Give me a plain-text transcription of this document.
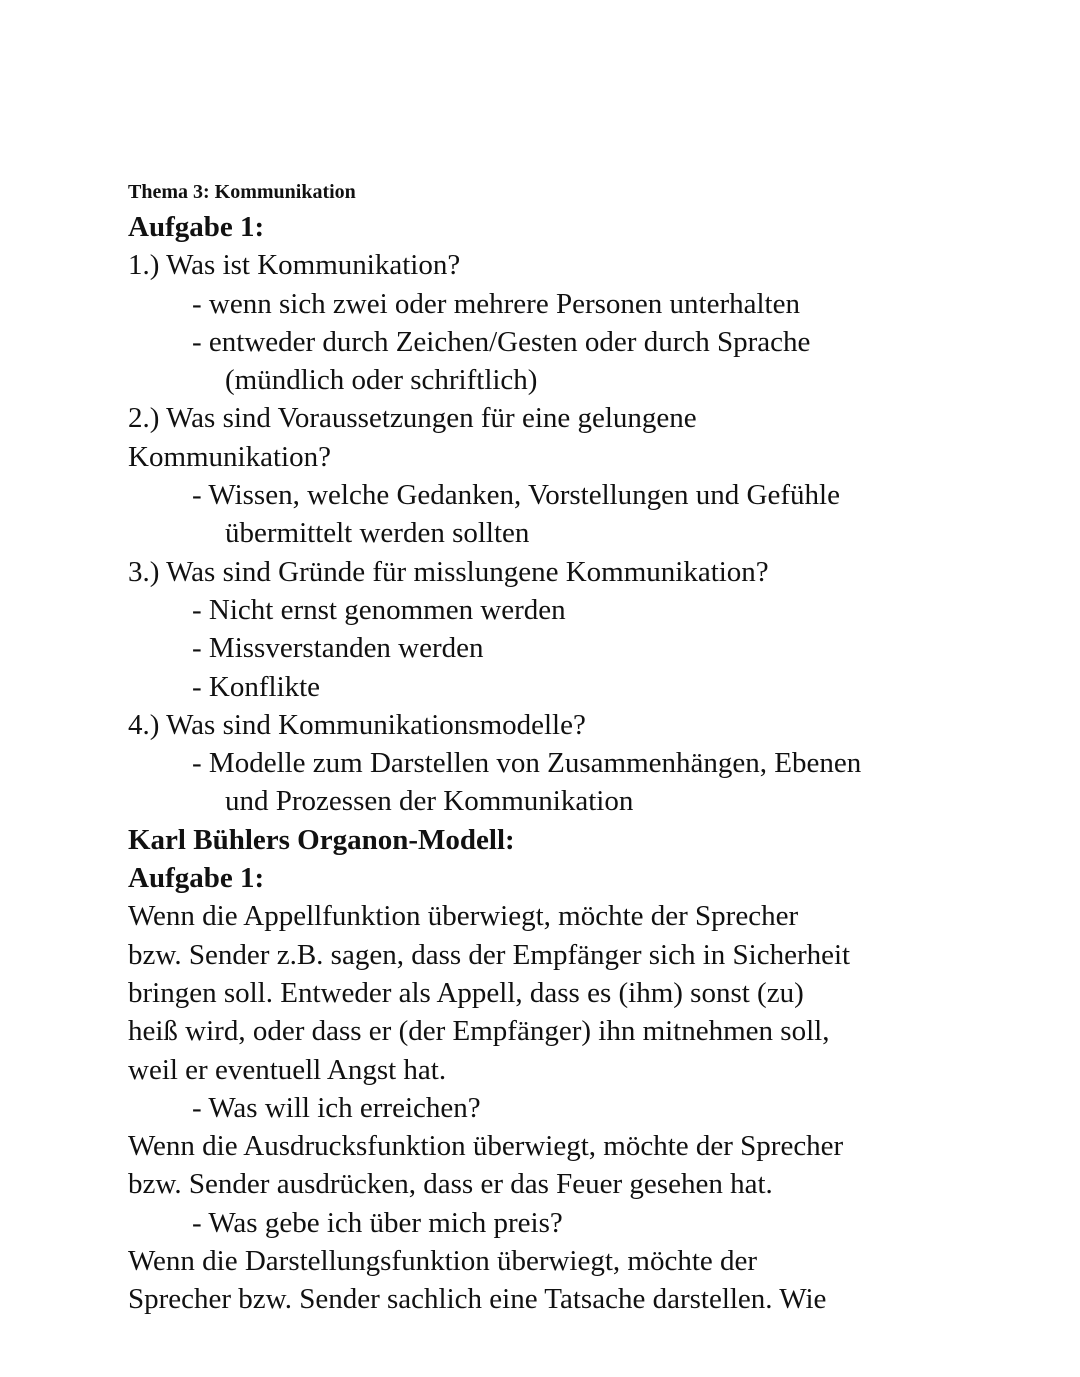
Thema 3: Kommunikation

Aufgabe 1:

1.) Was ist Kommunikation?

- wenn sich zwei oder mehrere Personen unterhalten

- entweder durch Zeichen/Gesten oder durch Sprache

(mündlich oder schriftlich)

2.) Was sind Voraussetzungen für eine gelungene

Kommunikation?

- Wissen, welche Gedanken, Vorstellungen und Gefühle

übermittelt werden sollten

3.) Was sind Gründe für misslungene Kommunikation?

- Nicht ernst genommen werden

- Missverstanden werden

- Konflikte

4.) Was sind Kommunikationsmodelle?

- Modelle zum Darstellen von Zusammenhängen, Ebenen

und Prozessen der Kommunikation

Karl Bühlers Organon-Modell:

Aufgabe 1:

Wenn die Appellfunktion überwiegt, möchte der Sprecher

bzw. Sender z.B. sagen, dass der Empfänger sich in Sicherheit

bringen soll. Entweder als Appell, dass es (ihm) sonst (zu)

heiß wird, oder dass er (der Empfänger) ihn mitnehmen soll,

weil er eventuell Angst hat.

- Was will ich erreichen?

Wenn die Ausdrucksfunktion überwiegt, möchte der Sprecher

bzw. Sender ausdrücken, dass er das Feuer gesehen hat.

- Was gebe ich über mich preis?

Wenn die Darstellungsfunktion überwiegt, möchte der

Sprecher bzw. Sender sachlich eine Tatsache darstellen. Wie
